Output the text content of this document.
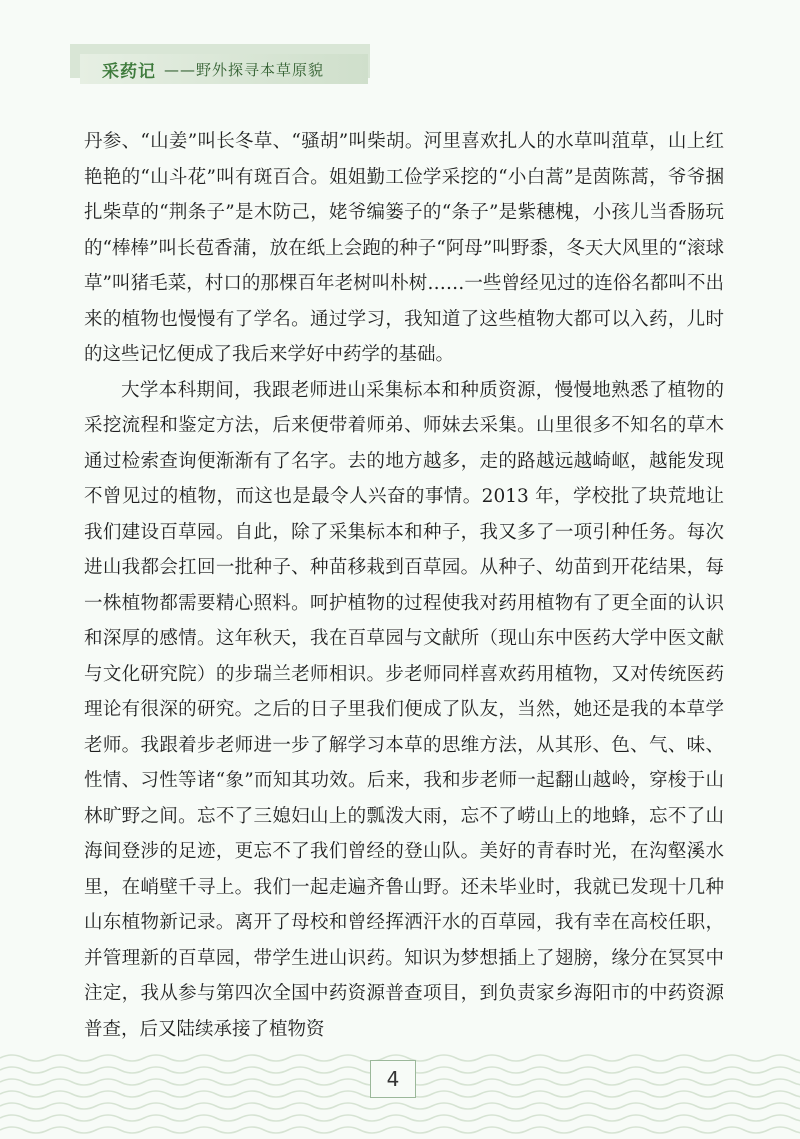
采药记 ——野外探寻本草原貌

丹参、“山姜”叫长冬草、“骚胡”叫柴胡。河里喜欢扎人的水草叫菹草，山上红艳艳的“山斗花”叫有斑百合。姐姐勤工俭学采挖的“小白蒿”是茵陈蒿，爷爷捆扎柴草的“荆条子”是木防己，姥爷编篓子的“条子”是紫穗槐，小孩儿当香肠玩的“棒棒”叫长苞香蒲，放在纸上会跑的种子“阿母”叫野黍，冬天大风里的“滚球草”叫猪毛菜，村口的那棵百年老树叫朴树……一些曾经见过的连俗名都叫不出来的植物也慢慢有了学名。通过学习，我知道了这些植物大都可以入药，儿时的这些记忆便成了我后来学好中药学的基础。

大学本科期间，我跟老师进山采集标本和种质资源，慢慢地熟悉了植物的采挖流程和鉴定方法，后来便带着师弟、师妹去采集。山里很多不知名的草木通过检索查询便渐渐有了名字。去的地方越多，走的路越远越崎岖，越能发现不曾见过的植物，而这也是最令人兴奋的事情。2013 年，学校批了块荒地让我们建设百草园。自此，除了采集标本和种子，我又多了一项引种任务。每次进山我都会扛回一批种子、种苗移栽到百草园。从种子、幼苗到开花结果，每一株植物都需要精心照料。呵护植物的过程使我对药用植物有了更全面的认识和深厚的感情。这年秋天，我在百草园与文献所（现山东中医药大学中医文献与文化研究院）的步瑞兰老师相识。步老师同样喜欢药用植物，又对传统医药理论有很深的研究。之后的日子里我们便成了队友，当然，她还是我的本草学老师。我跟着步老师进一步了解学习本草的思维方法，从其形、色、气、味、性情、习性等诸“象”而知其功效。后来，我和步老师一起翻山越岭，穿梭于山林旷野之间。忘不了三媳妇山上的瓢泼大雨，忘不了崂山上的地蜂，忘不了山海间登涉的足迹，更忘不了我们曾经的登山队。美好的青春时光，在沟壑溪水里，在峭壁千寻上。我们一起走遍齐鲁山野。还未毕业时，我就已发现十几种山东植物新记录。离开了母校和曾经挥洒汗水的百草园，我有幸在高校任职，并管理新的百草园，带学生进山识药。知识为梦想插上了翅膀，缘分在冥冥中注定，我从参与第四次全国中药资源普查项目，到负责家乡海阳市的中药资源普查，后又陆续承接了植物资

4
